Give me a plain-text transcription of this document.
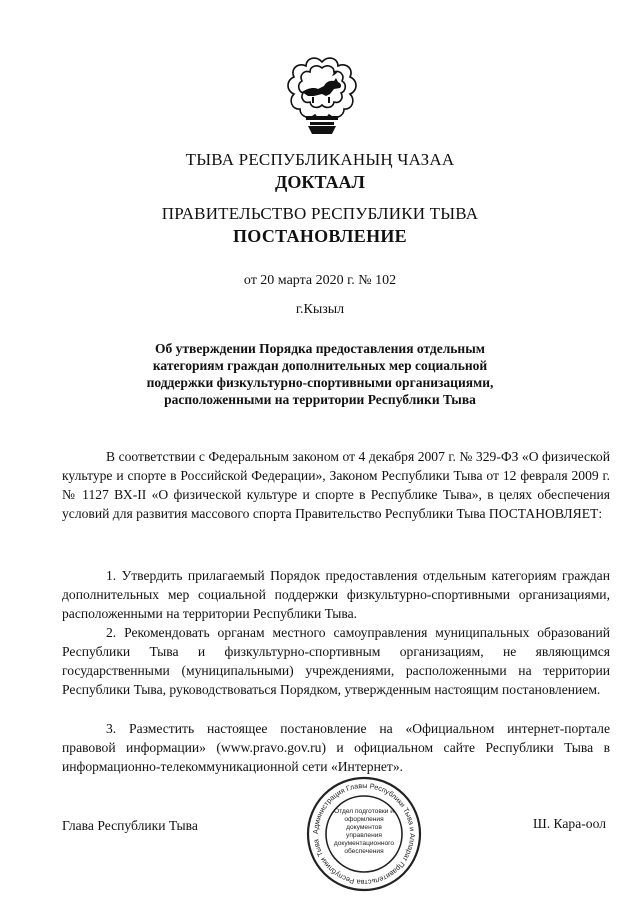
ТЫВА РЕСПУБЛИКАНЫҢ ЧАЗАА
ДОКТААЛ
ПРАВИТЕЛЬСТВО РЕСПУБЛИКИ ТЫВА
ПОСТАНОВЛЕНИЕ
от 20 марта 2020 г. № 102
г.Кызыл
Об утверждении Порядка предоставления отдельным категориям граждан дополнительных мер социальной поддержки физкультурно-спортивными организациями, расположенными на территории Республики Тыва

В соответствии с Федеральным законом от 4 декабря 2007 г. № 329-ФЗ «О физической культуре и спорте в Российской Федерации», Законом Республики Тыва от 12 февраля 2009 г. № 1127 ВХ-II «О физической культуре и спорте в Республике Тыва», в целях обеспечения условий для развития массового спорта Правительство Республики Тыва ПОСТАНОВЛЯЕТ:

1. Утвердить прилагаемый Порядок предоставления отдельным категориям граждан дополнительных мер социальной поддержки физкультурно-спортивными организациями, расположенными на территории Республики Тыва.

2. Рекомендовать органам местного самоуправления муниципальных образований Республики Тыва и физкультурно-спортивным организациям, не являющимся государственными (муниципальными) учреждениями, расположенными на территории Республики Тыва, руководствоваться Порядком, утвержденным настоящим постановлением.

3. Разместить настоящее постановление на «Официальном интернет-портале правовой информации» (www.pravo.gov.ru) и официальном сайте Республики Тыва в информационно-телекоммуникационной сети «Интернет».

Глава Республики Тыва	Ш. Кара-оол
Администрация Главы Республики Тыва и Аппарат Правительства Республики Тыва
Отдел подготовки и оформления документов управления документационного обеспечения
